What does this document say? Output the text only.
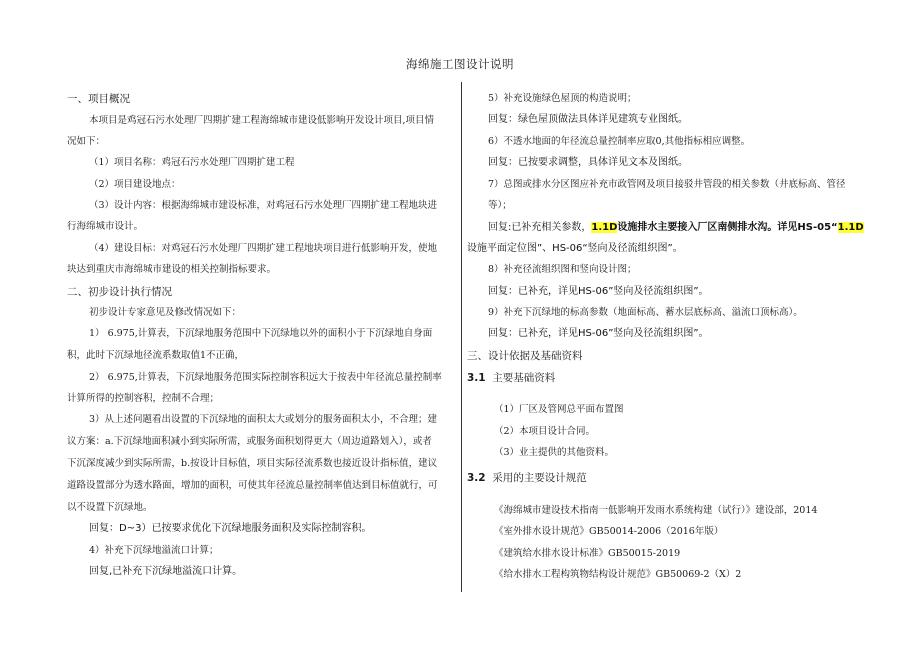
海绵施工图设计说明
一、项目概况
本项目是鸡冠石污水处理厂四期扩建工程海绵城市建设低影响开发设计项目,项目情
况如下：
（1）项目名称：鸡冠石污水处理厂四期扩建工程
（2）项目建设地点：
（3）设计内容：根据海绵城市建设标准，对鸡冠石污水处理厂四期扩建工程地块进
行海绵城市设计。
（4）建设目标：对鸡冠石污水处理厂四期扩建工程地块项目进行低影响开发，使地
块达到重庆市海绵城市建设的相关控制指标要求。
二、初步设计执行情况
初步设计专家意见及修改情况如下：
1） 6.975,计算表，下沉绿地服务范围中下沉绿地以外的面积小于下沉绿地自身面
积，此时下沉绿地径流系数取值1不正确，
2） 6.975,计算表，下沉绿地服务范围实际控制容积远大于按表中年径流总量控制率
计算所得的控制容积，控制不合理；
3）从上述问题看出设置的下沉绿地的面积太大或划分的服务面积太小，不合理；建
议方案：a.下沉绿地面积减小到实际所需，或服务面积划得更大（周边道路划入），或者
下沉深度减少到实际所需，b.按设计目标值，项目实际径流系数也接近设计指标值，建议
道路设置部分为透水路面，增加的面积，可使其年径流总量控制率值达到目标值就行，可
以不设置下沉绿地。
回复：D~3）已按要求优化下沉绿地服务面积及实际控制容积。
4）补充下沉绿地溢流口计算；
回复,已补充下沉绿地溢流口计算。
5）补充设施绿色屋顶的构造说明；
回复：绿色屋顶做法具体详见建筑专业图纸。
6）不透水地面的年径流总量控制率应取0,其他指标相应调整。
回复：已按要求调整，具体详见文本及图纸。
7）总图或排水分区图应补充市政管网及项目接驳井管段的相关参数（井底标高、管径
等）；
回复:已补充相关参数，1.1D设施排水主要接入厂区南侧排水沟。详见HS-05“1.1D
设施平面定位图”、HS-06“竖向及径流组织图”。
8）补充径流组织图和竖向设计图；
回复：已补充，详见HS-06”竖向及径流组织图”。
9）补充下沉绿地的标高参数（地面标高、蓄水层底标高、溢流口顶标高）。
回复：已补充，详见HS-06”竖向及径流组织图”。
三、设计依据及基础资料
3.1 主要基础资料
（1）厂区及管网总平面布置图
（2）本项目设计合同。
（3）业主提供的其他资料。
3.2 采用的主要设计规范
《海绵城市建设技术指南一低影响开发雨水系统构建（试行）》建设部，2014
《室外排水设计规范》GB50014-2006（2016年版）
《建筑给水排水设计标准》GB50015-2019
《给水排水工程构筑物结构设计规范》GB50069-2（X）2
